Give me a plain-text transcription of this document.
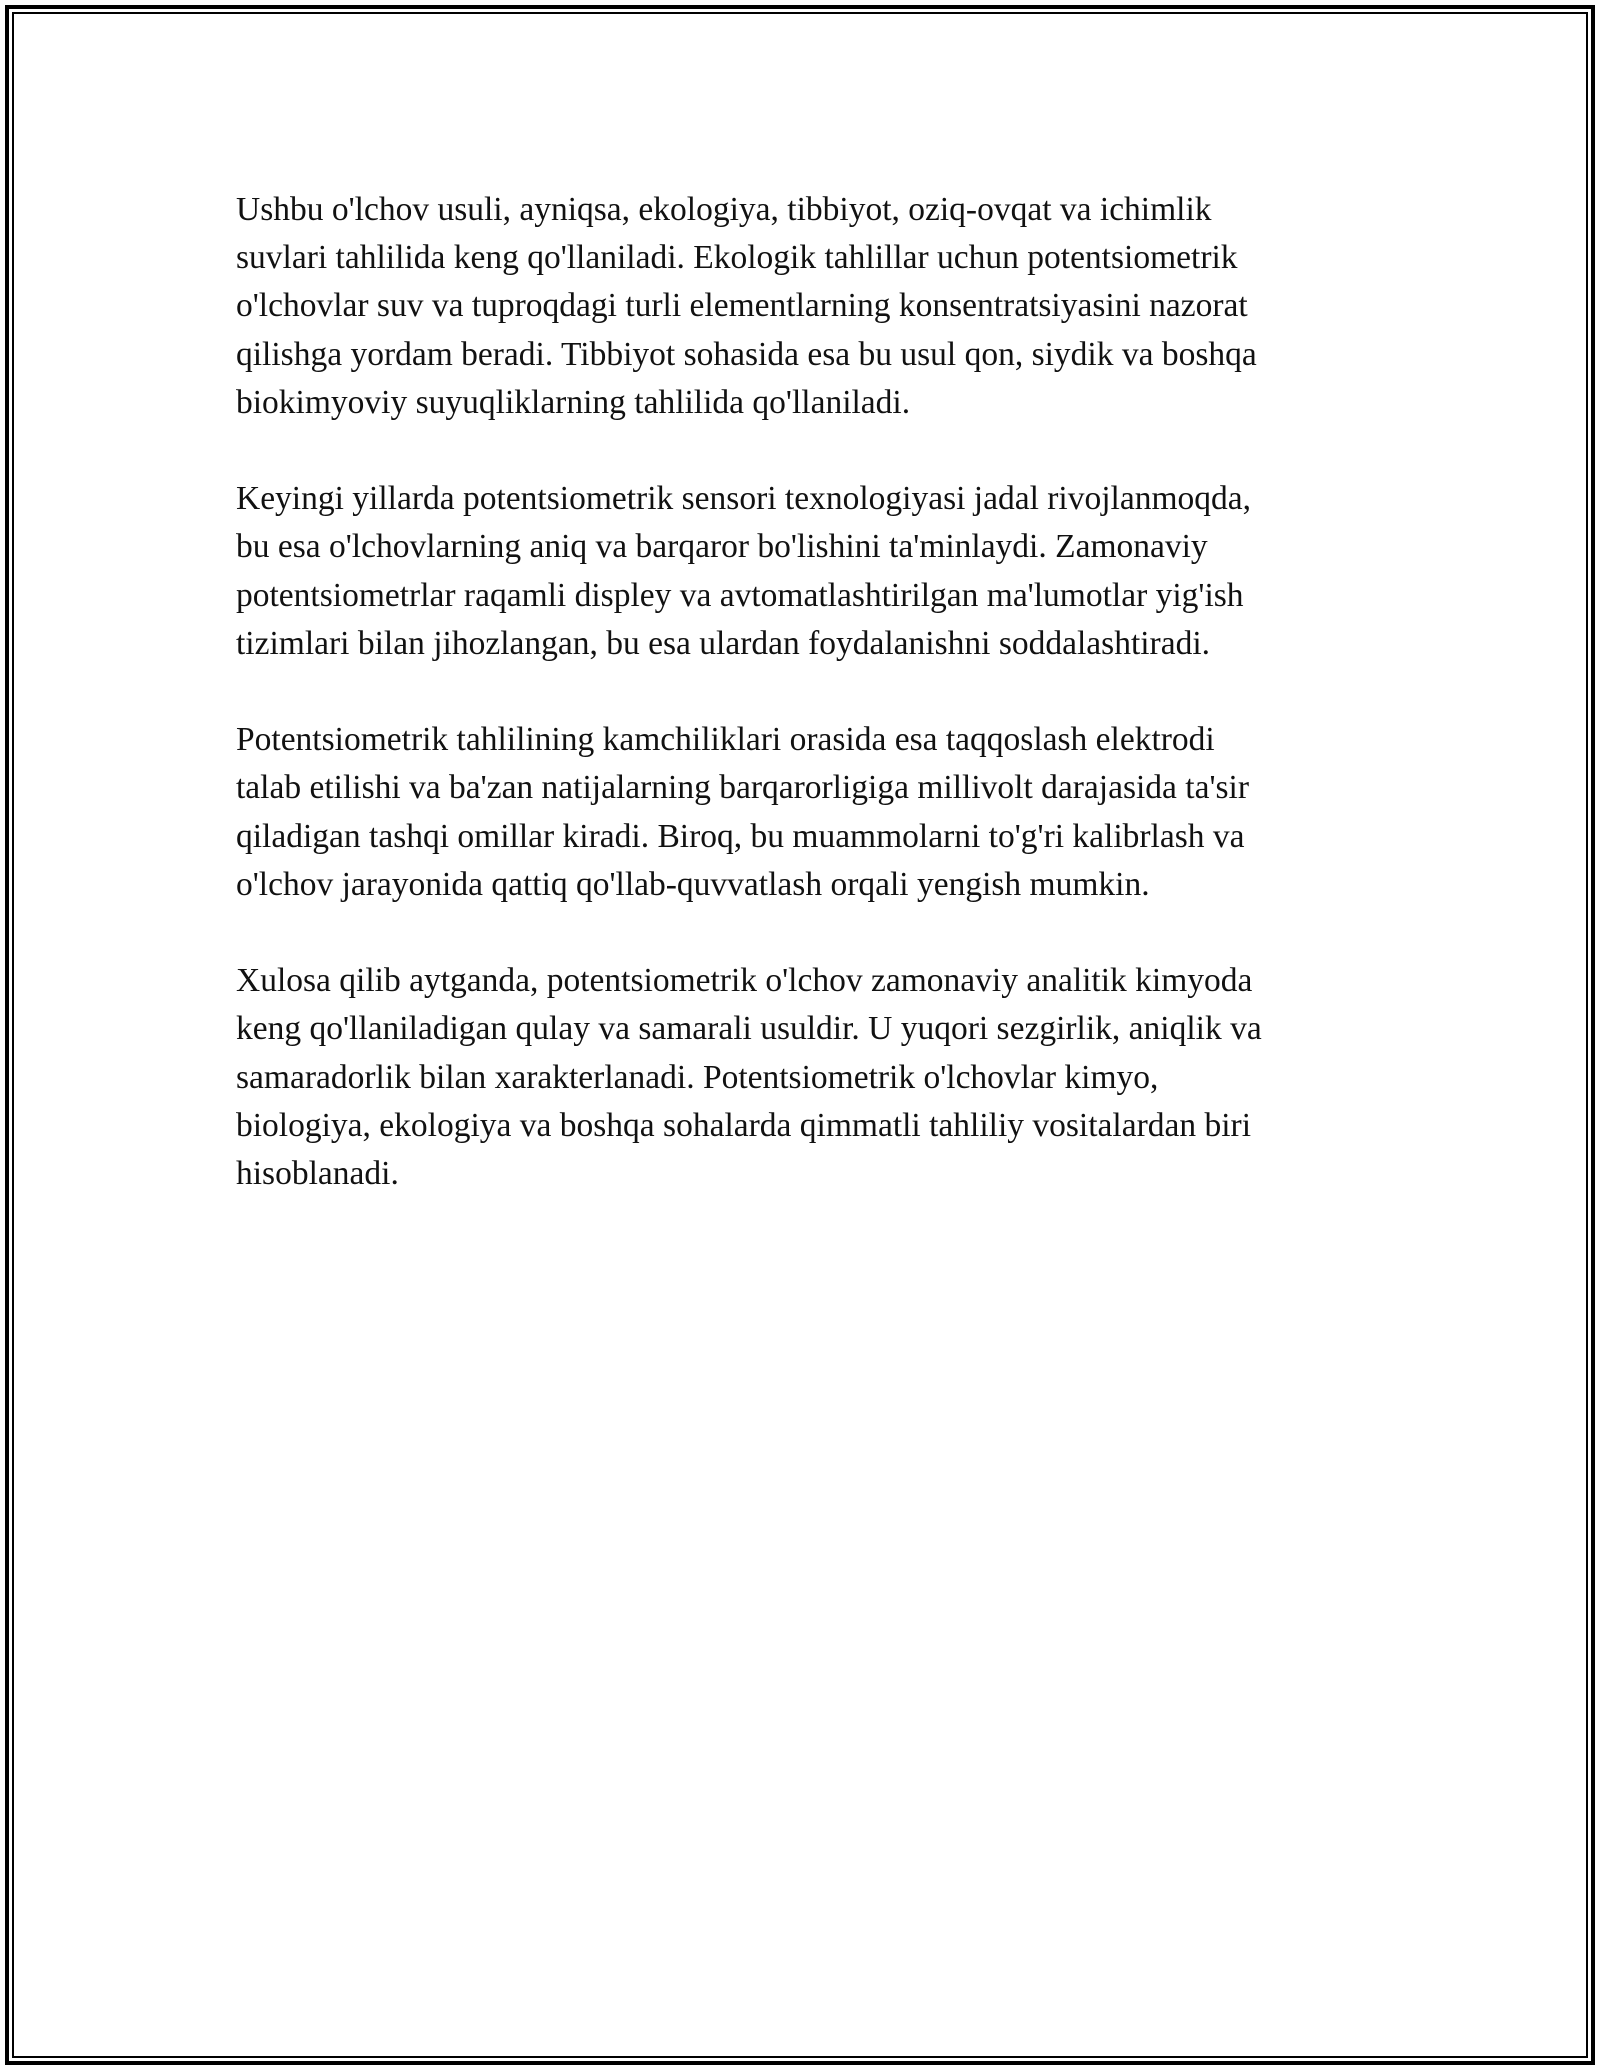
Ushbu o'lchov usuli, ayniqsa, ekologiya, tibbiyot, oziq-ovqat va ichimlik
suvlari tahlilida keng qo'llaniladi. Ekologik tahlillar uchun potentsiometrik
o'lchovlar suv va tuproqdagi turli elementlarning konsentratsiyasini nazorat
qilishga yordam beradi. Tibbiyot sohasida esa bu usul qon, siydik va boshqa
biokimyoviy suyuqliklarning tahlilida qo'llaniladi.

Keyingi yillarda potentsiometrik sensori texnologiyasi jadal rivojlanmoqda,
bu esa o'lchovlarning aniq va barqaror bo'lishini ta'minlaydi. Zamonaviy
potentsiometrlar raqamli displey va avtomatlashtirilgan ma'lumotlar yig'ish
tizimlari bilan jihozlangan, bu esa ulardan foydalanishni soddalashtiradi.

Potentsiometrik tahlilining kamchiliklari orasida esa taqqoslash elektrodi
talab etilishi va ba'zan natijalarning barqarorligiga millivolt darajasida ta'sir
qiladigan tashqi omillar kiradi. Biroq, bu muammolarni to'g'ri kalibrlash va
o'lchov jarayonida qattiq qo'llab-quvvatlash orqali yengish mumkin.

Xulosa qilib aytganda, potentsiometrik o'lchov zamonaviy analitik kimyoda
keng qo'llaniladigan qulay va samarali usuldir. U yuqori sezgirlik, aniqlik va
samaradorlik bilan xarakterlanadi. Potentsiometrik o'lchovlar kimyo,
biologiya, ekologiya va boshqa sohalarda qimmatli tahliliy vositalardan biri
hisoblanadi.
